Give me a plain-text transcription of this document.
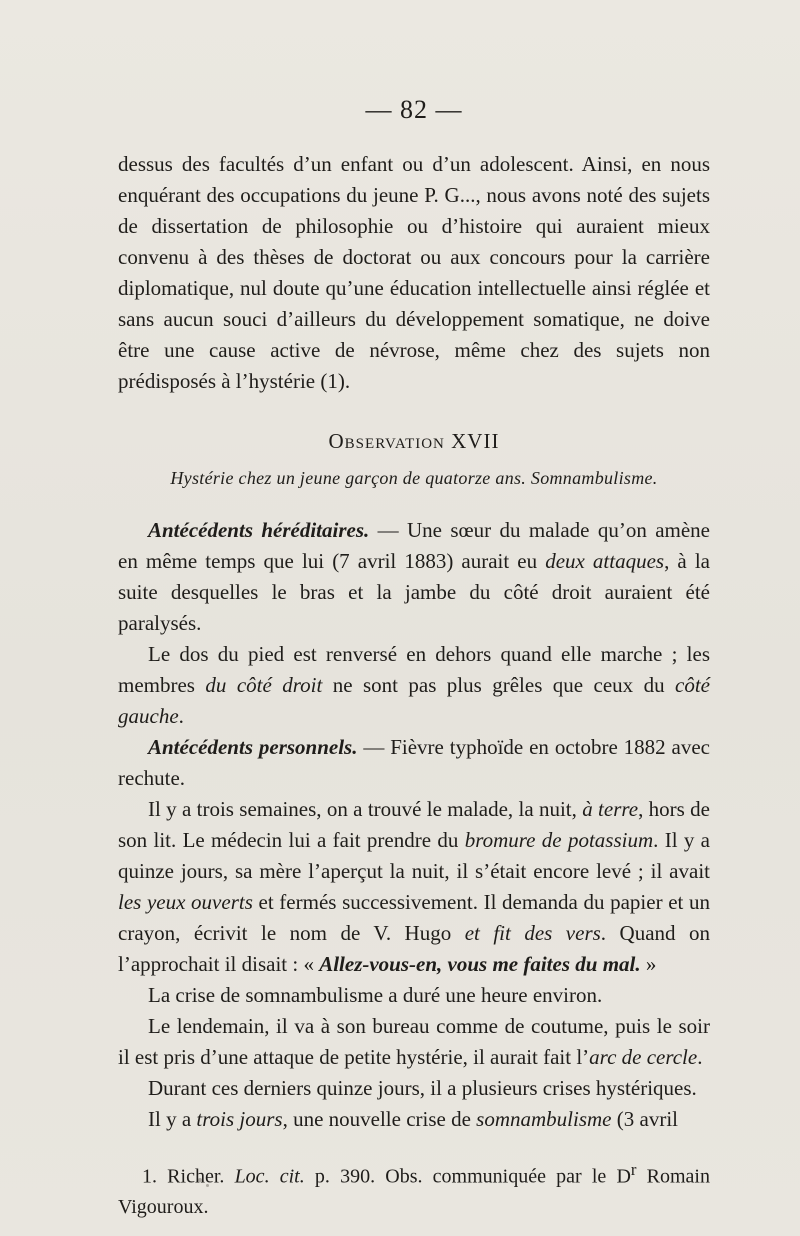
— 82 —

dessus des facultés d’un enfant ou d’un adolescent. Ainsi, en nous enquérant des occupations du jeune P. G..., nous avons noté des sujets de dissertation de philosophie ou d’histoire qui auraient mieux convenu à des thèses de doctorat ou aux concours pour la carrière diplomatique, nul doute qu’une éducation intellectuelle ainsi réglée et sans aucun souci d’ailleurs du développement somatique, ne doive être une cause active de névrose, même chez des sujets non prédisposés à l’hystérie (1).

Observation XVII
Hystérie chez un jeune garçon de quatorze ans. Somnambulisme.

Antécédents héréditaires. — Une sœur du malade qu’on amène en même temps que lui (7 avril 1883) aurait eu deux attaques, à la suite desquelles le bras et la jambe du côté droit auraient été paralysés.

Le dos du pied est renversé en dehors quand elle marche ; les membres du côté droit ne sont pas plus grêles que ceux du côté gauche.

Antécédents personnels. — Fièvre typhoïde en octobre 1882 avec rechute.

Il y a trois semaines, on a trouvé le malade, la nuit, à terre, hors de son lit. Le médecin lui a fait prendre du bromure de potassium. Il y a quinze jours, sa mère l’aperçut la nuit, il s’était encore levé ; il avait les yeux ouverts et fermés successivement. Il demanda du papier et un crayon, écrivit le nom de V. Hugo et fit des vers. Quand on l’approchait il disait : « Allez-vous-en, vous me faites du mal. »

La crise de somnambulisme a duré une heure environ.

Le lendemain, il va à son bureau comme de coutume, puis le soir il est pris d’une attaque de petite hystérie, il aurait fait l’arc de cercle.

Durant ces derniers quinze jours, il a plusieurs crises hystériques.

Il y a trois jours, une nouvelle crise de somnambulisme (3 avril

1. Richer. Loc. cit. p. 390. Obs. communiquée par le $D^r$ Romain Vigouroux.
